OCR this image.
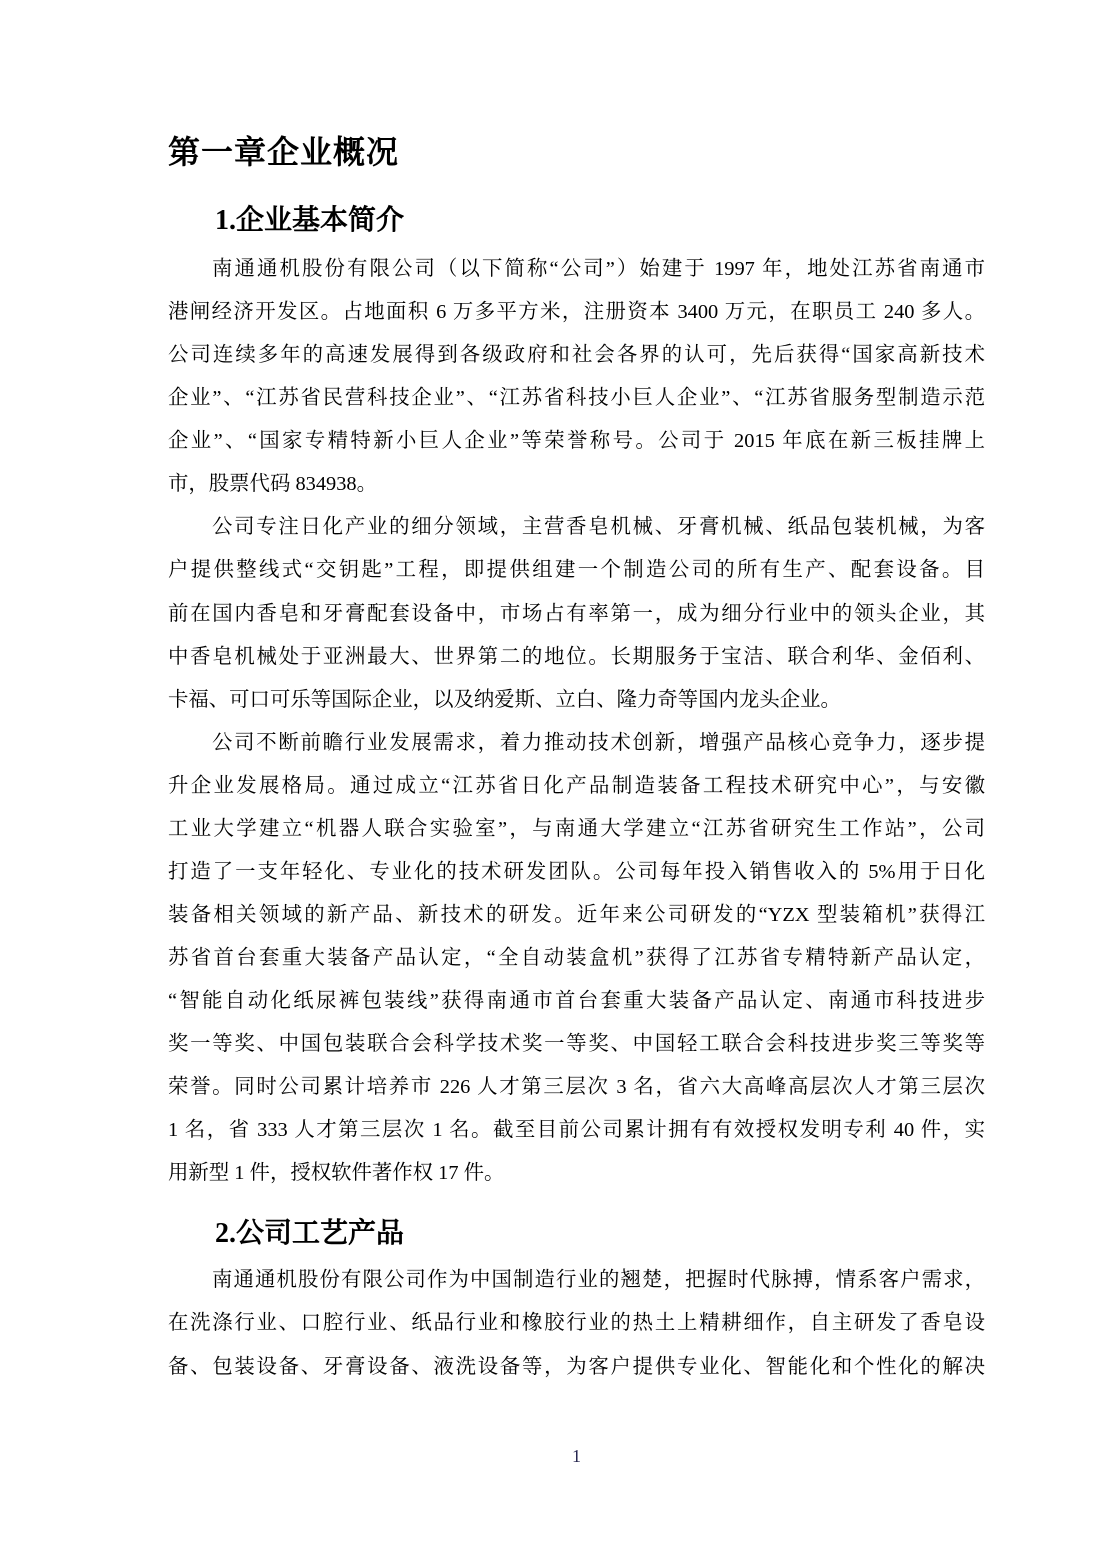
第一章企业概况
1.企业基本简介
南通通机股份有限公司（以下简称“公司”）始建于 1997 年，地处江苏省南通市
港闸经济开发区。占地面积 6 万多平方米，注册资本 3400 万元，在职员工 240 多人。
公司连续多年的高速发展得到各级政府和社会各界的认可，先后获得“国家高新技术
企业”、“江苏省民营科技企业”、“江苏省科技小巨人企业”、“江苏省服务型制造示范
企业”、“国家专精特新小巨人企业”等荣誉称号。公司于 2015 年底在新三板挂牌上
市，股票代码 834938。
公司专注日化产业的细分领域，主营香皂机械、牙膏机械、纸品包装机械，为客
户提供整线式“交钥匙”工程，即提供组建一个制造公司的所有生产、配套设备。目
前在国内香皂和牙膏配套设备中，市场占有率第一，成为细分行业中的领头企业，其
中香皂机械处于亚洲最大、世界第二的地位。长期服务于宝洁、联合利华、金佰利、
卡福、可口可乐等国际企业，以及纳爱斯、立白、隆力奇等国内龙头企业。
公司不断前瞻行业发展需求，着力推动技术创新，增强产品核心竞争力，逐步提
升企业发展格局。通过成立“江苏省日化产品制造装备工程技术研究中心”，与安徽
工业大学建立“机器人联合实验室”，与南通大学建立“江苏省研究生工作站”，公司
打造了一支年轻化、专业化的技术研发团队。公司每年投入销售收入的 5%用于日化
装备相关领域的新产品、新技术的研发。近年来公司研发的“YZX 型装箱机”获得江
苏省首台套重大装备产品认定，“全自动装盒机”获得了江苏省专精特新产品认定，
“智能自动化纸尿裤包装线”获得南通市首台套重大装备产品认定、南通市科技进步
奖一等奖、中国包装联合会科学技术奖一等奖、中国轻工联合会科技进步奖三等奖等
荣誉。同时公司累计培养市 226 人才第三层次 3 名，省六大高峰高层次人才第三层次
1 名，省 333 人才第三层次 1 名。截至目前公司累计拥有有效授权发明专利 40 件，实
用新型 1 件，授权软件著作权 17 件。
2.公司工艺产品
南通通机股份有限公司作为中国制造行业的翘楚，把握时代脉搏，情系客户需求，
在洗涤行业、口腔行业、纸品行业和橡胶行业的热土上精耕细作，自主研发了香皂设
备、包装设备、牙膏设备、液洗设备等，为客户提供专业化、智能化和个性化的解决
1
